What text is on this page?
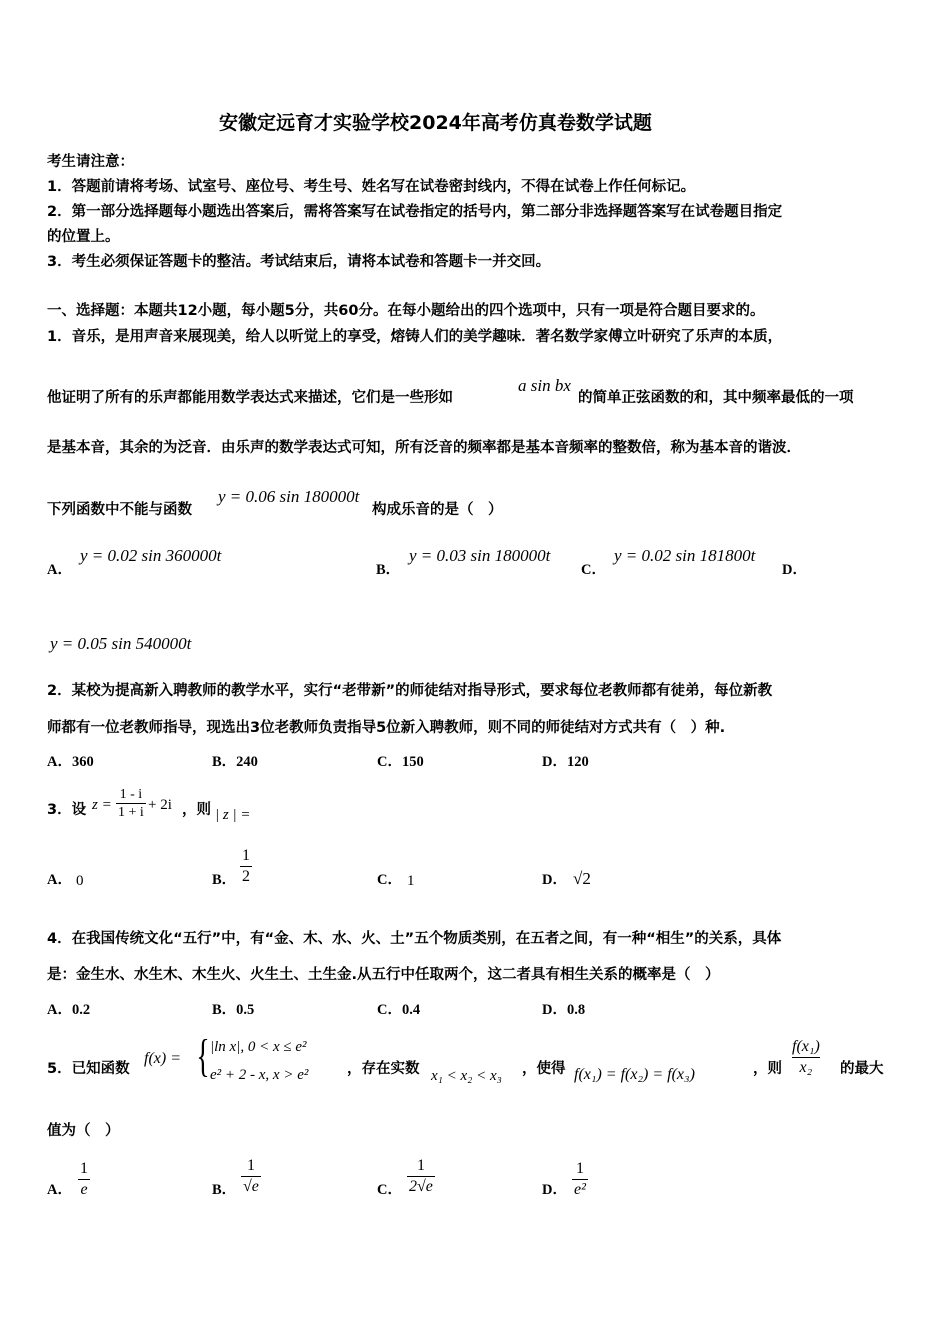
安徽定远育才实验学校2024年高考仿真卷数学试题
考生请注意：
1．答题前请将考场、试室号、座位号、考生号、姓名写在试卷密封线内，不得在试卷上作任何标记。
2．第一部分选择题每小题选出答案后，需将答案写在试卷指定的括号内，第二部分非选择题答案写在试卷题目指定
的位置上。
3．考生必须保证答题卡的整洁。考试结束后，请将本试卷和答题卡一并交回。
一、选择题：本题共12小题，每小题5分，共60分。在每小题给出的四个选项中，只有一项是符合题目要求的。
1．音乐，是用声音来展现美，给人以听觉上的享受，熔铸人们的美学趣味．著名数学家傅立叶研究了乐声的本质，
他证明了所有的乐声都能用数学表达式来描述，它们是一些形如
a sin bx
的简单正弦函数的和，其中频率最低的一项
是基本音，其余的为泛音．由乐声的数学表达式可知，所有泛音的频率都是基本音频率的整数倍，称为基本音的谐波．
下列函数中不能与函数
y = 0.06 sin 180000t
构成乐音的是（　）
A．
y = 0.02 sin 360000t
B．
y = 0.03 sin 180000t
C．
y = 0.02 sin 181800t
D．
y = 0.05 sin 540000t
2．某校为提高新入聘教师的教学水平，实行“老带新”的师徒结对指导形式，要求每位老教师都有徒弟，每位新教
师都有一位老教师指导，现选出3位老教师负责指导5位新入聘教师，则不同的师徒结对方式共有（　）种.
A．360	B．240	C．150	D．120
3．设 $z = \frac{1 - i}{1 + i} + 2i$ ，则 | z | =
A． 0	B． $\frac{1}{2}$	C． 1	D． √2
4．在我国传统文化“五行”中，有“金、木、水、火、土”五个物质类别，在五者之间，有一种“相生”的关系，具体
是：金生水、水生木、木生火、火生土、土生金.从五行中任取两个，这二者具有相生关系的概率是（　）
A．0.2	B．0.5	C．0.4	D．0.8
5．已知函数
f(x) = { |ln x|, 0 < x ≤ e²
e² + 2 - x, x > e²	，存在实数 x₁ < x₂ < x₃ ，使得 f(x₁) = f(x₂) = f(x₃)	，则 $\frac{\text{f(x₁)}}{\text{x₂}}$ 的最大
值为（　）
A． $\frac{1}{e}$	B． $\frac{1}{√e}$	C． $\frac{1}{2√e}$	D． $\frac{1}{\text{e²}}$
